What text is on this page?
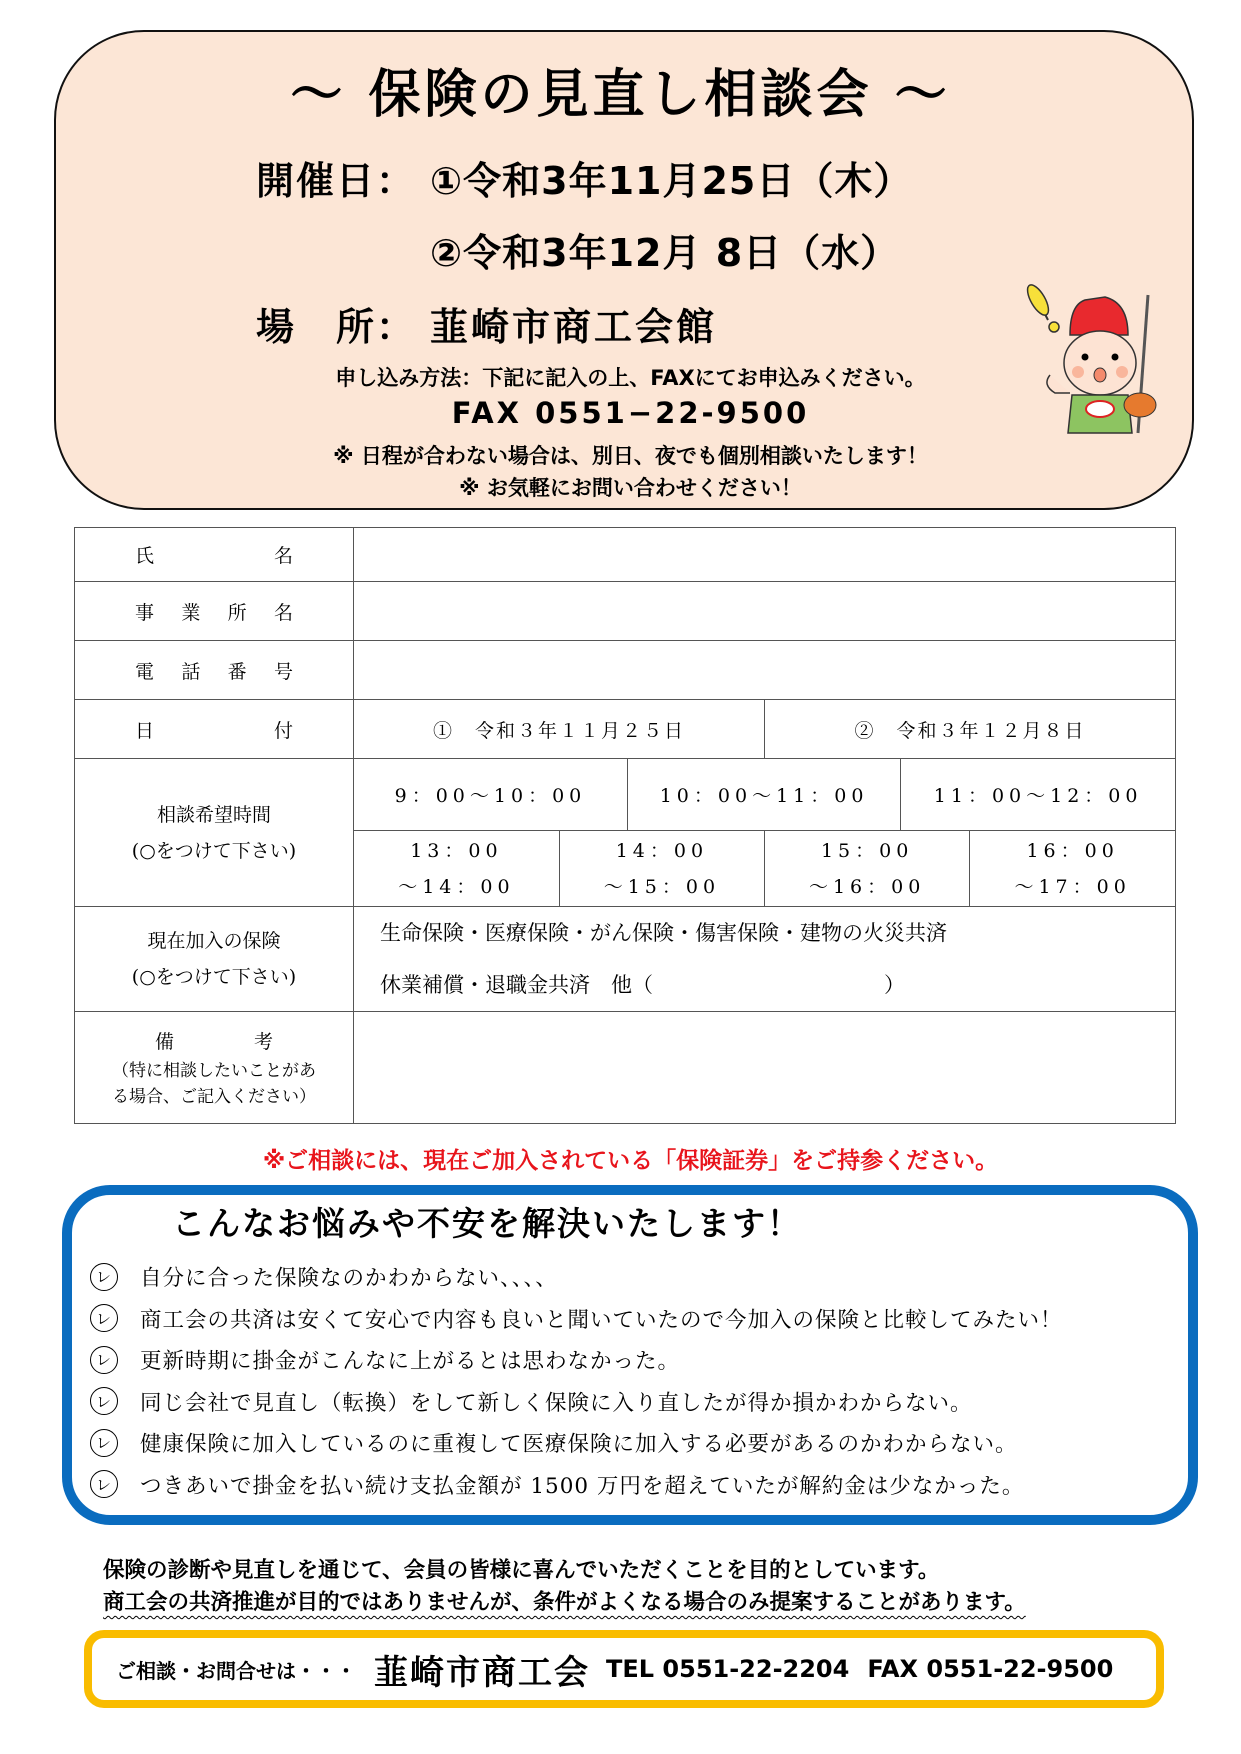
～ 保険の見直し相談会 ～
開催日： ①令和3年11月25日（木）
②令和3年12月 8日（水）
場　所： 韮崎市商工会館
申し込み方法：下記に記入の上、FAXにてお申込みください。
FAX 0551−22-9500
※ 日程が合わない場合は、別日、夜でも個別相談いたします！
※ お気軽にお問い合わせください！
氏	名

事 業 所 名

電 話 番 号

日	付
		①　令和３年１１月２５日	②　令和３年１２月８日

相談希望時間
(○をつけて下さい)

9：00～10：00	10：00～11：00	11：00～12：00

13：00
～14：00

14：00
～15：00

15：00
～16：00

16：00
～17：00

現在加入の保険
(○をつけて下さい)

生命保険・医療保険・がん保険・傷害保険・建物の火災共済
休業補償・退職金共済　他（　　　　　　　　　　　）

備	考
（特に相談したいことがあ
る場合、ご記入ください）

※ご相談には、現在ご加入されている「保険証券」をご持参ください。
こんなお悩みや不安を解決いたします！
レ 自分に合った保険なのかわからない、、、、
レ 商工会の共済は安くて安心で内容も良いと聞いていたので今加入の保険と比較してみたい！
レ 更新時期に掛金がこんなに上がるとは思わなかった。
レ 同じ会社で見直し（転換）をして新しく保険に入り直したが得か損かわからない。
レ 健康保険に加入しているのに重複して医療保険に加入する必要があるのかわからない。
レ つきあいで掛金を払い続け支払金額が 1500 万円を超えていたが解約金は少なかった。
保険の診断や見直しを通じて、会員の皆様に喜んでいただくことを目的としています。
商工会の共済推進が目的ではありませんが、条件がよくなる場合のみ提案することがあります。
ご相談・お問合せは・・・ 韮崎市商工会 TEL 0551-22-2204 FAX 0551-22-9500
